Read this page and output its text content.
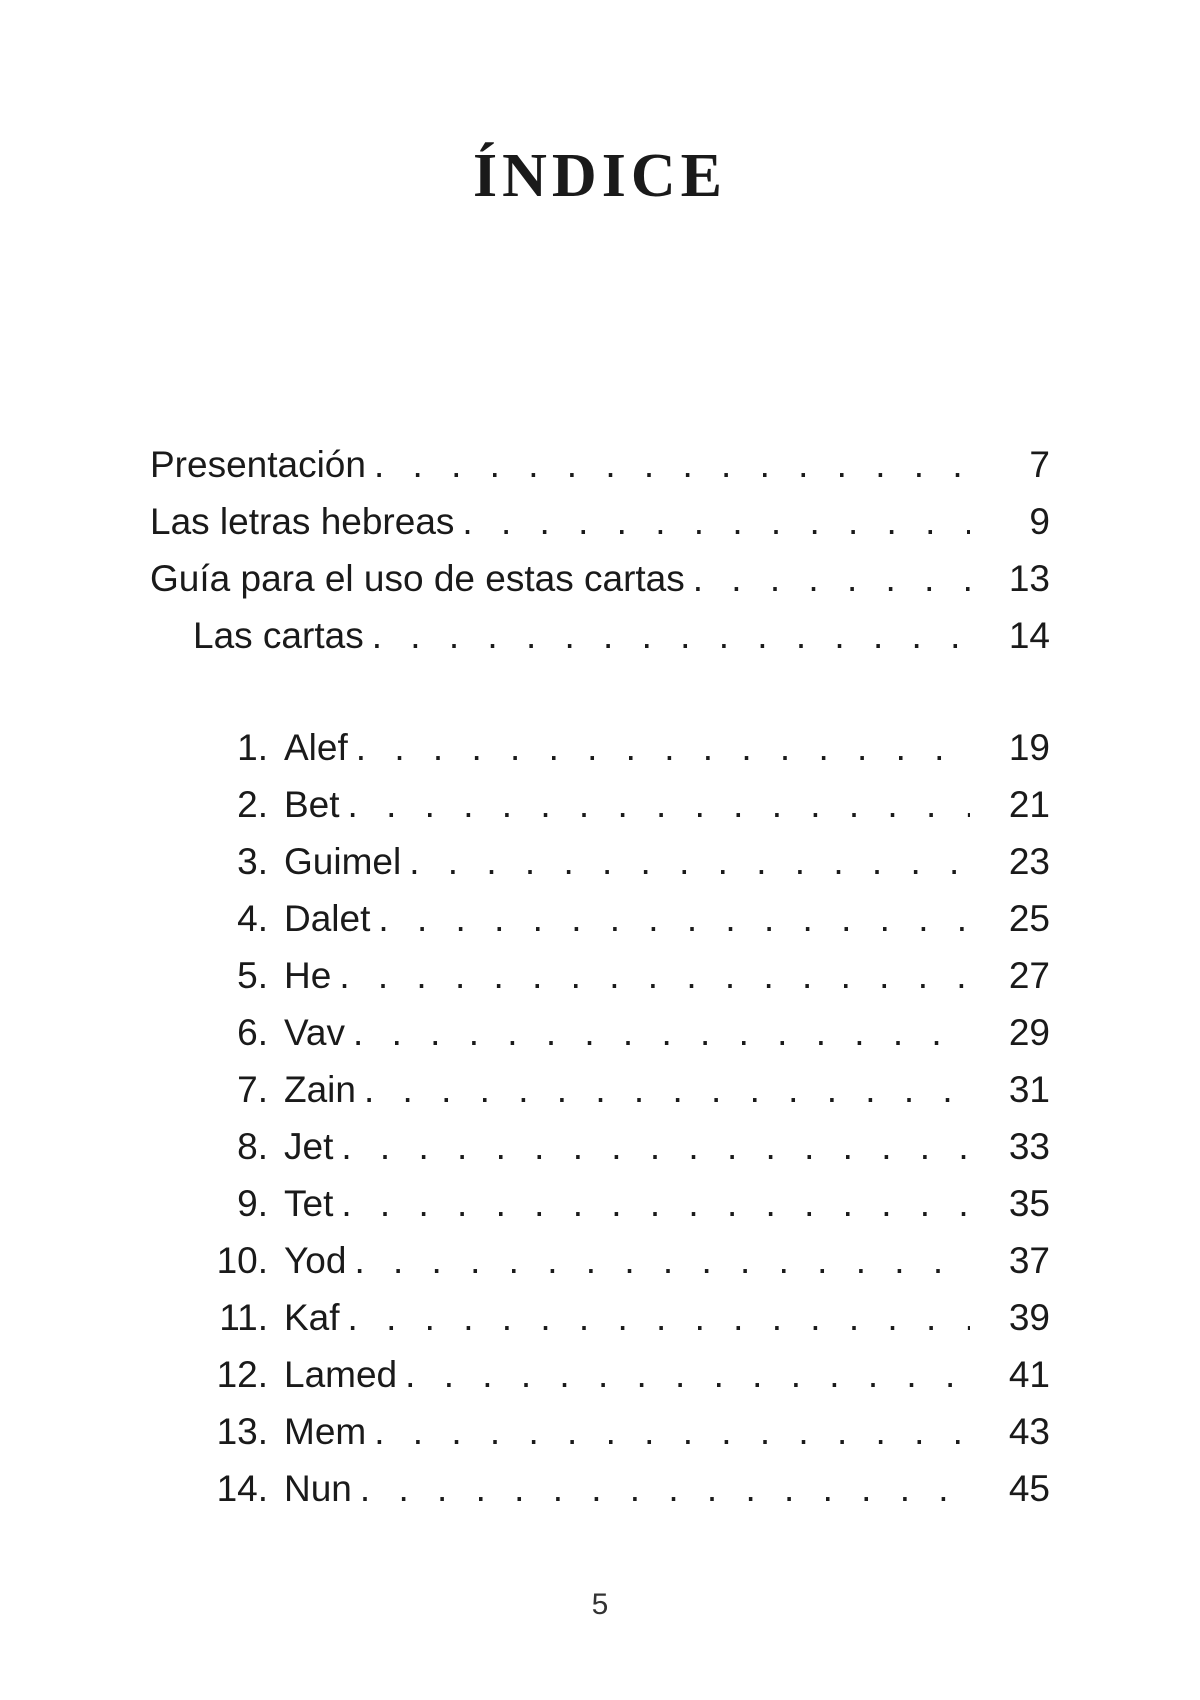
ÍNDICE
Presentación . . .	7
Las letras hebreas . . .	9
Guía para el uso de estas cartas . . .	13
Las cartas . . .	14
1. Alef . . .	19
2. Bet . . .	21
3. Guimel . . .	23
4. Dalet . . .	25
5. He . . .	27
6. Vav . . .	29
7. Zain . . .	31
8. Jet . . .	33
9. Tet . . .	35
10. Yod . . .	37
11. Kaf . . .	39
12. Lamed . . .	41
13. Mem . . .	43
14. Nun . . .	45
5
